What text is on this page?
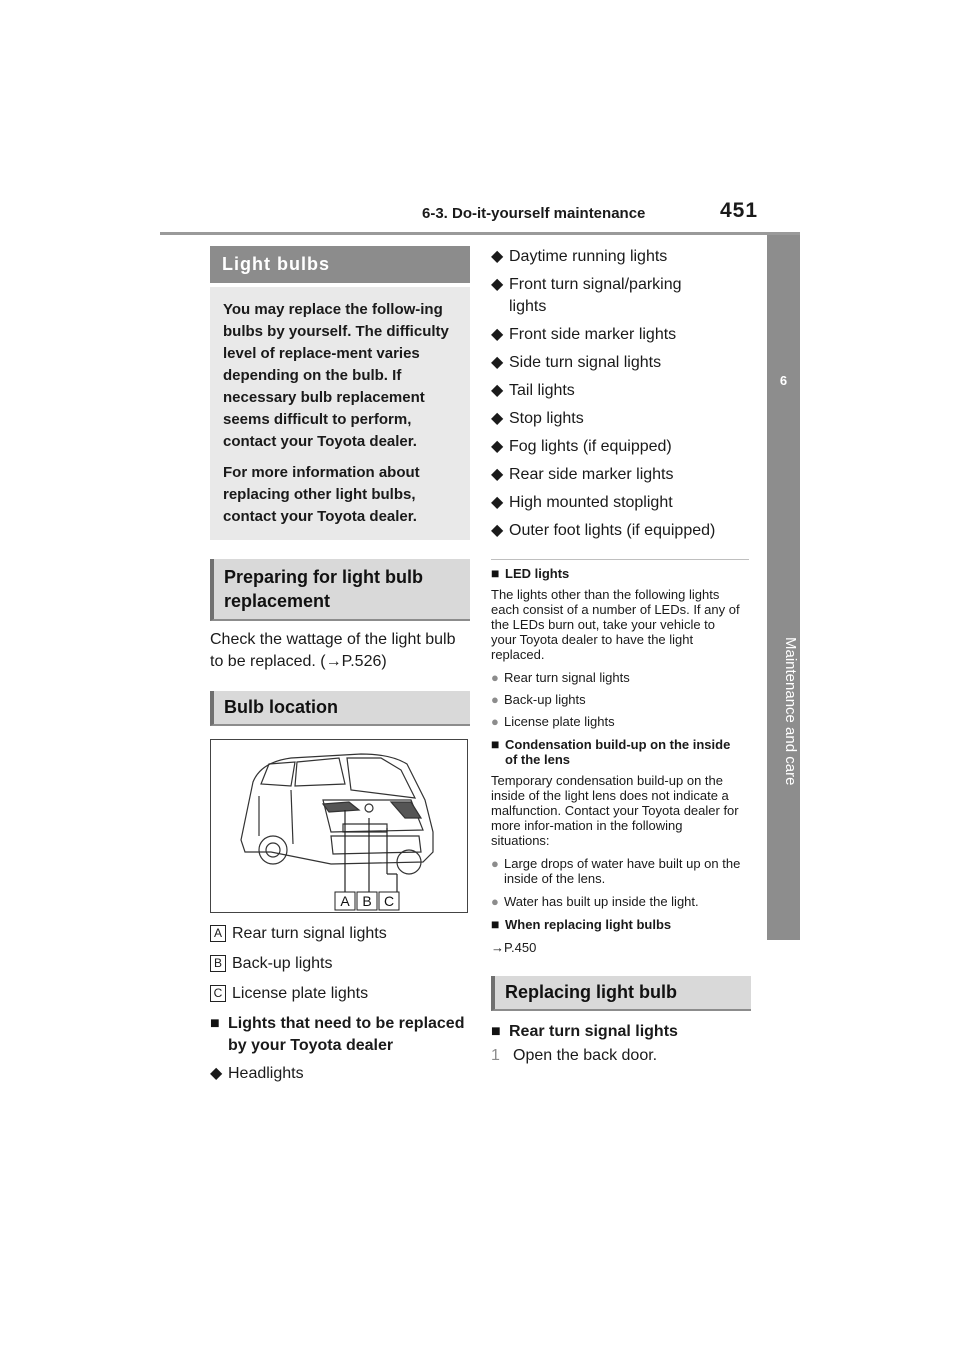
6-3. Do-it-yourself maintenance	451
6
Maintenance and care
Light bulbs

You may replace the follow-ing bulbs by yourself. The difficulty level of replace-ment varies depending on the bulb. If necessary bulb replacement seems difficult to perform, contact your Toyota dealer.

For more information about replacing other light bulbs, contact your Toyota dealer.

Preparing for light bulb replacement

Check the wattage of the light bulb to be replaced. (→P.526)

Bulb location
A B C
A Rear turn signal lights
B Back-up lights
C License plate lights
■ Lights that need to be replaced by your Toyota dealer
◆ Headlights
◆ Daytime running lights
◆ Front turn signal/parking lights
◆ Front side marker lights
◆ Side turn signal lights
◆ Tail lights
◆ Stop lights
◆ Fog lights (if equipped)
◆ Rear side marker lights
◆ High mounted stoplight
◆ Outer foot lights (if equipped)
■ LED lights

The lights other than the following lights each consist of a number of LEDs. If any of the LEDs burn out, take your vehicle to your Toyota dealer to have the light replaced.

● Rear turn signal lights
● Back-up lights
● License plate lights
■ Condensation build-up on the inside of the lens

Temporary condensation build-up on the inside of the light lens does not indicate a malfunction. Contact your Toyota dealer for more infor-mation in the following situations:

● Large drops of water have built up on the inside of the lens.
● Water has built up inside the light.
■ When replacing light bulbs

→P.450

Replacing light bulb
■ Rear turn signal lights
1 Open the back door.
